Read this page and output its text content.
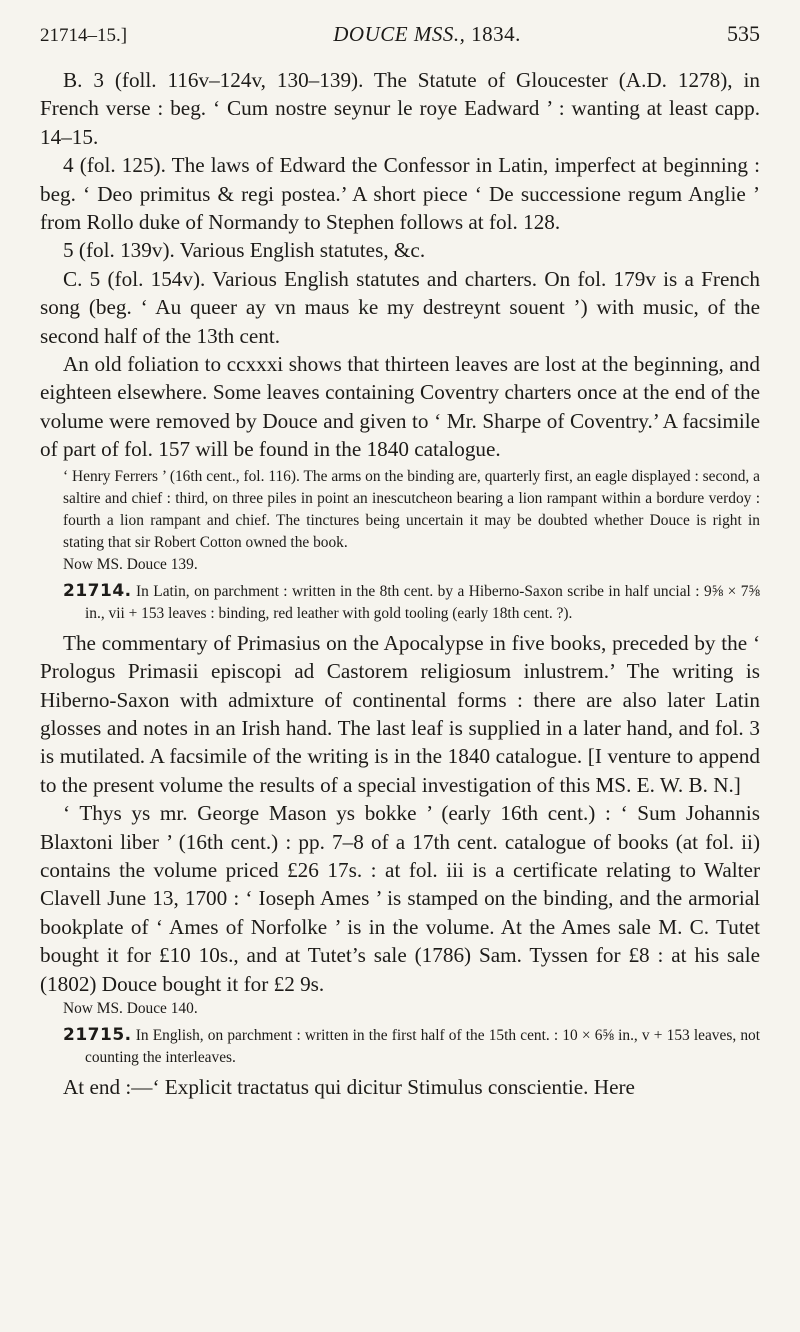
21714–15.]	DOUCE MSS., 1834.	535

B. 3 (foll. 116v–124v, 130–139). The Statute of Gloucester (A.D. 1278), in French verse : beg. ‘ Cum nostre seynur le roye Eadward ’ : wanting at least capp. 14–15.

4 (fol. 125). The laws of Edward the Confessor in Latin, imperfect at beginning : beg. ‘ Deo primitus & regi postea.’ A short piece ‘ De successione regum Anglie ’ from Rollo duke of Normandy to Stephen follows at fol. 128.

5 (fol. 139v). Various English statutes, &c.

C. 5 (fol. 154v). Various English statutes and charters. On fol. 179v is a French song (beg. ‘ Au queer ay vn maus ke my destreynt souent ’) with music, of the second half of the 13th cent.

An old foliation to ccxxxi shows that thirteen leaves are lost at the beginning, and eighteen elsewhere. Some leaves containing Coventry charters once at the end of the volume were removed by Douce and given to ‘ Mr. Sharpe of Coventry.’ A facsimile of part of fol. 157 will be found in the 1840 catalogue.

‘ Henry Ferrers ’ (16th cent., fol. 116). The arms on the binding are, quarterly first, an eagle displayed : second, a saltire and chief : third, on three piles in point an inescutcheon bearing a lion rampant within a bordure verdoy : fourth a lion rampant and chief. The tinctures being uncertain it may be doubted whether Douce is right in stating that sir Robert Cotton owned the book.

Now MS. Douce 139.

21714. In Latin, on parchment : written in the 8th cent. by a Hiberno-Saxon scribe in half uncial : 9⅝ × 7⅝ in., vii + 153 leaves : binding, red leather with gold tooling (early 18th cent. ?).

The commentary of Primasius on the Apocalypse in five books, preceded by the ‘ Prologus Primasii episcopi ad Castorem religiosum inlustrem.’ The writing is Hiberno-Saxon with admixture of continental forms : there are also later Latin glosses and notes in an Irish hand. The last leaf is supplied in a later hand, and fol. 3 is mutilated. A facsimile of the writing is in the 1840 catalogue. [I venture to append to the present volume the results of a special investigation of this MS. E. W. B. N.]

‘ Thys ys mr. George Mason ys bokke ’ (early 16th cent.) : ‘ Sum Johannis Blaxtoni liber ’ (16th cent.) : pp. 7–8 of a 17th cent. catalogue of books (at fol. ii) contains the volume priced £26 17s. : at fol. iii is a certificate relating to Walter Clavell June 13, 1700 : ‘ Ioseph Ames ’ is stamped on the binding, and the armorial bookplate of ‘ Ames of Norfolke ’ is in the volume. At the Ames sale M. C. Tutet bought it for £10 10s., and at Tutet’s sale (1786) Sam. Tyssen for £8 : at his sale (1802) Douce bought it for £2 9s.

Now MS. Douce 140.

21715. In English, on parchment : written in the first half of the 15th cent. : 10 × 6⅝ in., v + 153 leaves, not counting the interleaves.

At end :—‘ Explicit tractatus qui dicitur Stimulus conscientie. Here
